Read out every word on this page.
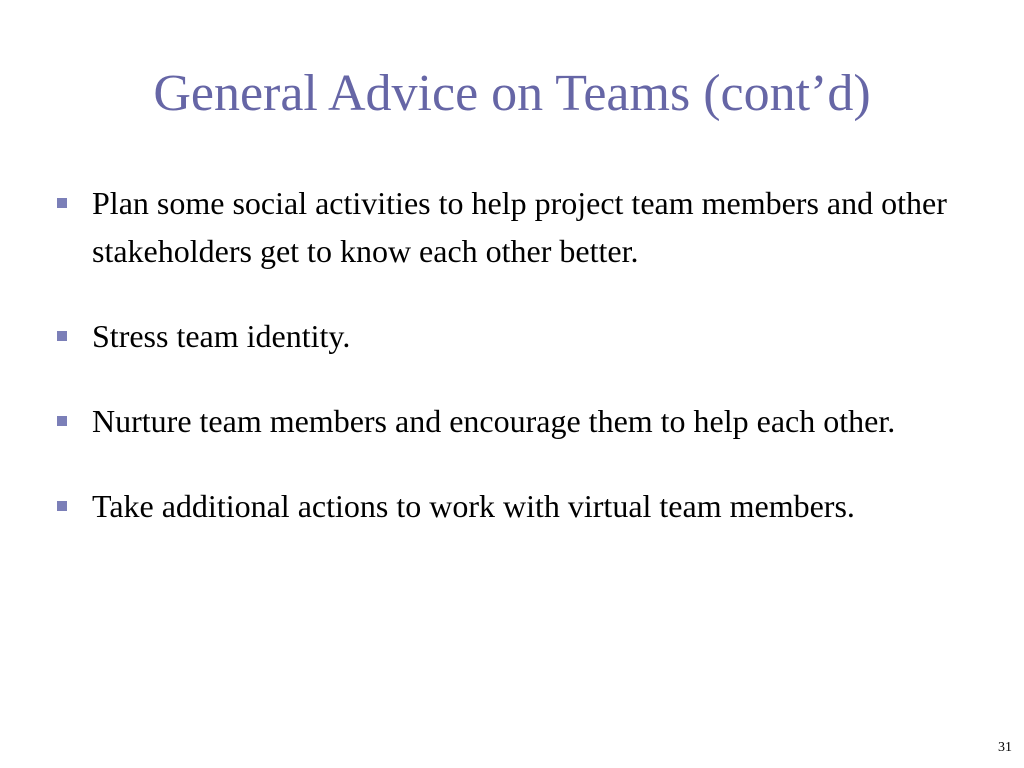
General Advice on Teams (cont’d)
Plan some social activities to help project team members and other stakeholders get to know each other better.
Stress team identity.
Nurture team members and encourage them to help each other.
Take additional actions to work with virtual team members.
31
